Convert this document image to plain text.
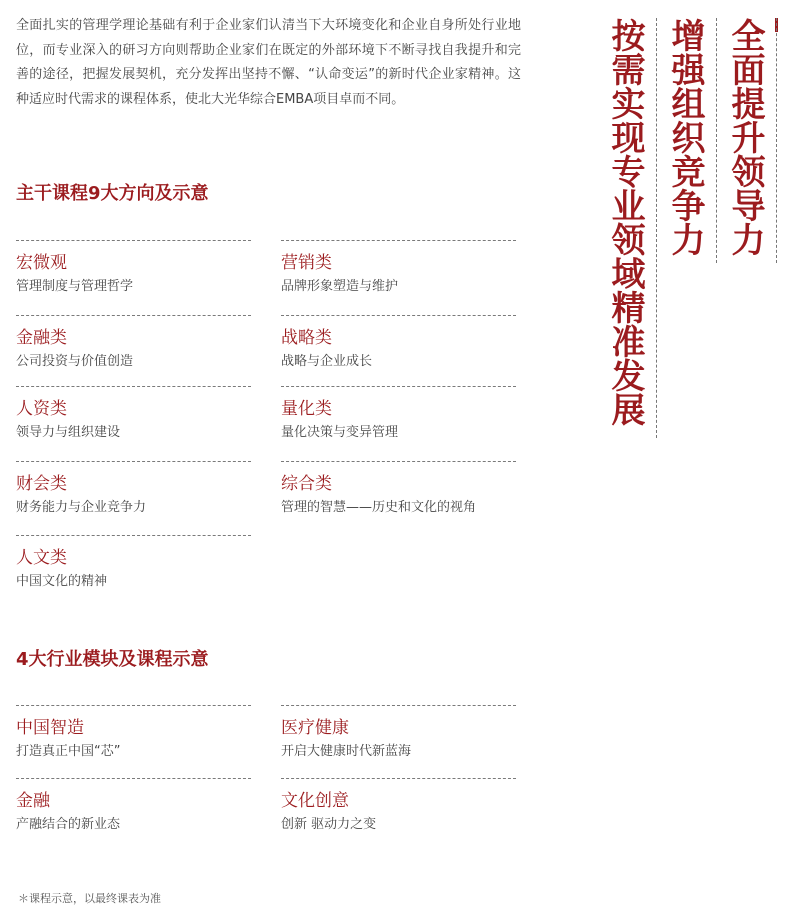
全面扎实的管理学理论基础有利于企业家们认清当下大环境变化和企业自身所处行业地位，而专业深入的研习方向则帮助企业家们在既定的外部环境下不断寻找自我提升和完善的途径，把握发展契机，充分发挥出坚持不懈、“认命变运”的新时代企业家精神。这种适应时代需求的课程体系，使北大光华综合EMBA项目卓而不同。

主干课程9大方向及示意
宏微观
管理制度与管理哲学
营销类
品牌形象塑造与维护
金融类
公司投资与价值创造
战略类
战略与企业成长
人资类
领导力与组织建设
量化类
量化决策与变异管理
财会类
财务能力与企业竞争力
综合类
管理的智慧——历史和文化的视角
人文类
中国文化的精神
4大行业模块及课程示意
中国智造
打造真正中国“芯”
医疗健康
开启大健康时代新蓝海
金融
产融结合的新业态
文化创意
创新 驱动力之变
全面提升领导力
增强组织竞争力
按需实现专业领域精准发展

＊课程示意，以最终课表为准
